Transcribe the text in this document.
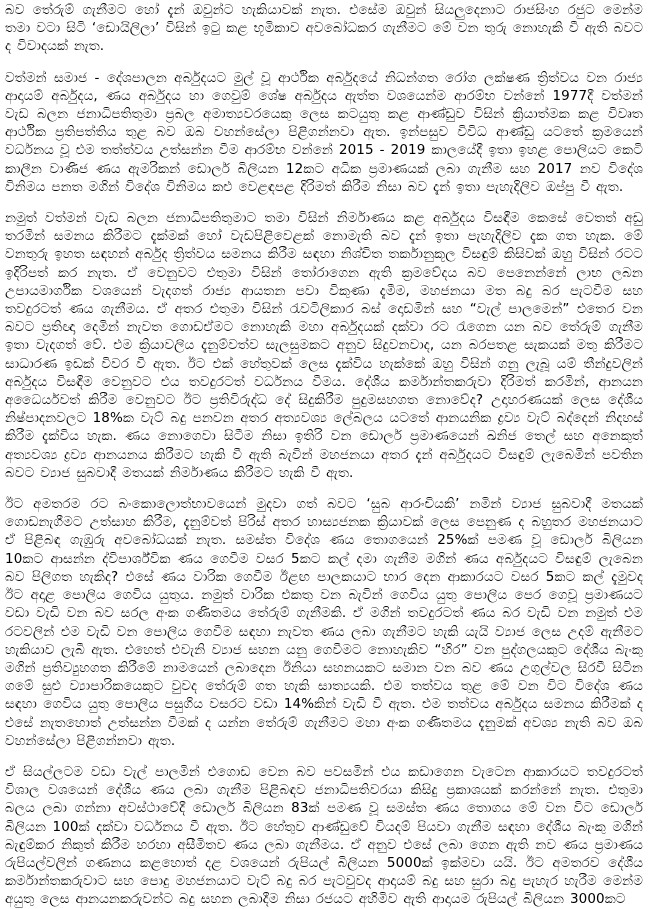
බව තේරුම් ගැනීමට හෝ දැන් ඔවුන්ට හැකියාවක් නැත. එසේම ඔවුන් සියලුදෙනාට රාජසිංහ රජුට මෙන්ම තමා වටා සිටි ‘ඩොයිලිලා’ විසින් ඉටු කළ භූමිකාව අවබෝධකර ගැනීමට මේ වන තුරු නොහැකි වී ඇති බවට ද විවාදයක් නැත.

වත්මන් සමාජ - දේශපාලන අර්බුදයට මුල් වූ ආර්ථික අර්බුදයේ නිධන්ගත රෝග ලක්ෂණ ත්‍රිත්වය වන රාජ්‍ය ආදායම් අර්බුදය, ණය අර්බුදය හා ගෙවුම් ශේෂ අර්බුදය ඇත්ත වශයෙන්ම ආරම්භ වන්නේ 1977දී වත්මන් වැඩ බලන ජනාධිපතිතුමා ප්‍රබල අමාත්‍යවරයෙකු ලෙස කටයුතු කළ ආණ්ඩුව විසින් ක්‍රියාත්මක කළ විවෘත ආර්ථික ප්‍රතිපත්තිය තුළ බව ඔබ වහන්සේලා පිළිගන්නවා ඇත. ඉන්පසුව විවිධ ආණ්ඩු යටතේ ක්‍රමයෙන් වර්ධනය වූ එම තත්ත්වය උත්සන්න වීම ආරම්භ වන්නේ 2015 - 2019 කාලයේදී ඉතා ඉහළ පොලියට කෙටි කාලීන වාණිජ ණය ඇමරිකන් ඩොලර් බිලියන 12කට අධික ප්‍රමාණයක් ලබා ගැනීම සහ 2017 නව විදේශ විනිමය පනත මගින් විදේශ විනිමය කළු වෙළඳපළ දිරිමත් කිරීම නිසා බව දැන් ඉතා පැහැදිලිව ඔප්පු වී ඇත.

නමුත් වත්මන් වැඩ බලන ජනාධිපතිතුමාට තමා විසින් නිර්මාණය කළ අර්බුදය විසඳීම කෙසේ වෙතත් අඩු තරමින් සමනය කිරීමට දැක්මක් හෝ වැඩපිළිවෙළක් නොමැති බව දැන් ඉතා පැහැදිලිව දැක ගත හැක. මේ වනතුරු ඉහත සඳහන් අර්බුද ත්‍රිත්වය සමනය කිරීම සඳහා නිශ්චිත තර්කානුකූල විසඳුම් කිසිවක් ඔහු විසින් රටට ඉදිරිපත් කර නැත. ඒ වෙනුවට එතුමා විසින් තෝරාගෙන ඇති ක්‍රමවේදය බව පෙනෙන්නේ ලාභ ලබන උපායමාර්ගික වශයෙන් වැදගත් රාජ්‍ය ආයතන පවා විකුණා දැමීම, මහජනයා මත බදු බර පැටවීම සහ තවදුරටත් ණය ගැනීමය. ඒ අතර එතුමා විසින් රැවටිලිකාර බස් දොඩමින් සහ “වැල් පාලමෙන්” එතෙර වන බවට ප්‍රතිඥා දෙමින් නැවත ගොඩඒමට නොහැකි මහා අර්බුදයක් දක්වා රට රැගෙන යන බව තේරුම් ගැනීම ඉතා වැදගත් වේ. එම ක්‍රියාවලිය දැනුම්වත්ව සැලසුමකට අනුව සිදුවනවාද, යන බරපතළ සැකයක් මතු කිරීමට සාධාරණ ඉඩක් විවර වී ඇත. ඊට එක් හේතුවක් ලෙස දැක්විය හැක්කේ ඔහු විසින් ගනු ලැබූ යම් තීන්දුවලින් අර්බුදය විසඳීම වෙනුවට එය තවදුරටත් වර්ධනය වීමය. දේශීය කර්මාන්තකරුවා දිරිමත් කරමින්, ආනයන අධෛර්යවත් කිරීම වෙනුවට ඊට ප්‍රතිවිරුද්ධ දේ සිදුකිරීම පුදුමසහගත නොවේද? උදාහරණයක් ලෙස දේශීය නිෂ්පාදනවලට 18%ක වැට් බදු පනවන අතර අත්‍යවශ්‍ය ලේබලය යටතේ ආනයනික ද්‍රව්‍ය වැට් බද්දෙන් නිදහස් කිරීම දැක්විය හැක. ණය නොගෙවා සිටීම නිසා ඉතිරි වන ඩොලර් ප්‍රමාණයෙන් ඛනිජ තෙල් සහ අනෙකුත් අත්‍යවශ්‍ය ද්‍රව්‍ය ආනයනය කිරීමට හැකි වී ඇති බැවින් මහජනයා අතර දැන් අර්බුදයට විසඳුම් ලැබෙමින් පවතින බවට ව්‍යාජ සුබවාදී මතයක් නිර්මාණය කිරීමට හැකි වී ඇත.

ඊට අමතරම රට බංකොලොත්භාවයෙන් මුදවා ගත් බවට ‘සුබ ආරංචියකි’ නමින් ව්‍යාජ සුබවාදී මතයක් ගොඩනැගීමට උත්සාහ කිරීම, දැනුම්වත් පිරිස් අතර හාස්‍යජනක ක්‍රියාවක් ලෙස පෙනුණ ද බහුතර මහජනයාට ඒ පිළිබඳ ගැඹුරු අවබෝධයක් නැත. සමස්ත විදේශ ණය තොගයෙන් 25%ක් පමණ වූ ඩොලර් බිලියන 10කට ආසන්න ද්විපාර්ශ්වික ණය ගෙවීම වසර 5කට කල් දමා ගැනීම මගින් ණය අර්බුදයට විසඳුම් ලැබෙන බව පිලිගත හැකිද? එසේ ණය වාරික ගෙවීම ඊළඟ පාලකයාට භාර දෙන ආකාරයට වසර 5කට කල් දැමුවද ඊට අදාළ පොලිය ගෙවිය යුතුය. නමුත් වාරික එකතු වන බැවින් ගෙවිය යුතු පොලිය පෙර ගෙවූ ප්‍රමාණයට වඩා වැඩි වන බව සරල අංක ගණිතමය තේරුම් ගැනීමකි. ඒ මගින් තවදුරටත් ණය බර වැඩි වන නමුත් එම රටවලින් එම වැඩි වන පොලිය ගෙවීම සඳහා නැවත ණය ලබා ගැනීමට හැකි යැයි ව්‍යාජ ලෙස උදම් ඇනීමට හැකියාව ලැබී ඇත. එහෙත් එවැනි ව්‍යාජ සහන යනු ගෙවීමට නොහැකිව “හිර” වන පුද්ගලයකුට දේශීය බැංකු මගින් ප්‍රතිව්‍යුහගත කිරීමේ නාමයෙන් ලබාදෙන ඊනියා සහනයකට සමාන වන බව ණය උගුල්වල සිරවී සිටින ගමේ සුළු ව්‍යාපාරිකයෙකුට වුවද තේරුම් ගත හැකි සාත්‍යයකි. එම තත්වය තුළ මේ වන විට විදේශ ණය සඳහා ගෙවිය යුතු පොලිය පසුගිය වසරට වඩා 14%කින් වැඩි වී ඇත. එම තත්වය අර්බුදය සමනය කිරීමක් ද එසේ නැතහොත් උත්සන්න වීමක් ද යන්න තේරුම් ගැනීමට මහා අංක ගණිතමය දැනුමක් අවශ්‍ය නැති බව ඔබ වහන්සේලා පිළිගන්නවා ඇත.

ඒ සියල්ලටම වඩා වැල් පාලමින් එගොඩ වෙන බව පවසමින් එය කඩාගෙන වැටෙන ආකාරයට තවදුරටත් විශාල වශයෙන් දේශීය ණය ලබා ගැනීම පිළිබඳව ජනාධිපතිවරයා කිසිදු ප්‍රකාශයක් කරන්නේ නැත. එතුමා බලය ලබා ගන්නා අවස්ථාවේදී ඩොලර් බිලියන 83ක් පමණ වූ සමස්ත ණය තොගය මේ වන විට ඩොලර් බිලියන 100ක් දක්වා වර්ධනය වී ඇත. ඊට හේතුව ආණ්ඩුවේ වියදම් පියවා ගැනීම සඳහා දේශීය බැංකු මගින් බැඳුම්කර නිකුත් කිරීම හරහා අසීමිතව ණය ලබා ගැනීමය. ඒ අනුව එසේ ලබා ගෙන ඇති නව ණය ප්‍රමාණය රුපියල්වලින් ගණනය කළහොත් දළ වශයෙන් රුපියල් බිලියන 5000ක් ඉක්මවා යයි. ඊට අමතරව දේශීය කර්මාන්තකරුවාට සහ පොදු මහජනයාට වැට් බදු බර පැටවුවද ආදායම් බදු සහ සුරා බදු පැහැර හැරීම මෙන්ම අයුතු ලෙස ආනයනකරුවන්ට බදු සහන ලබාදීම නිසා රජයට අහිමිව ඇති ආදායම රුපියල් බිලියන 3000කට
